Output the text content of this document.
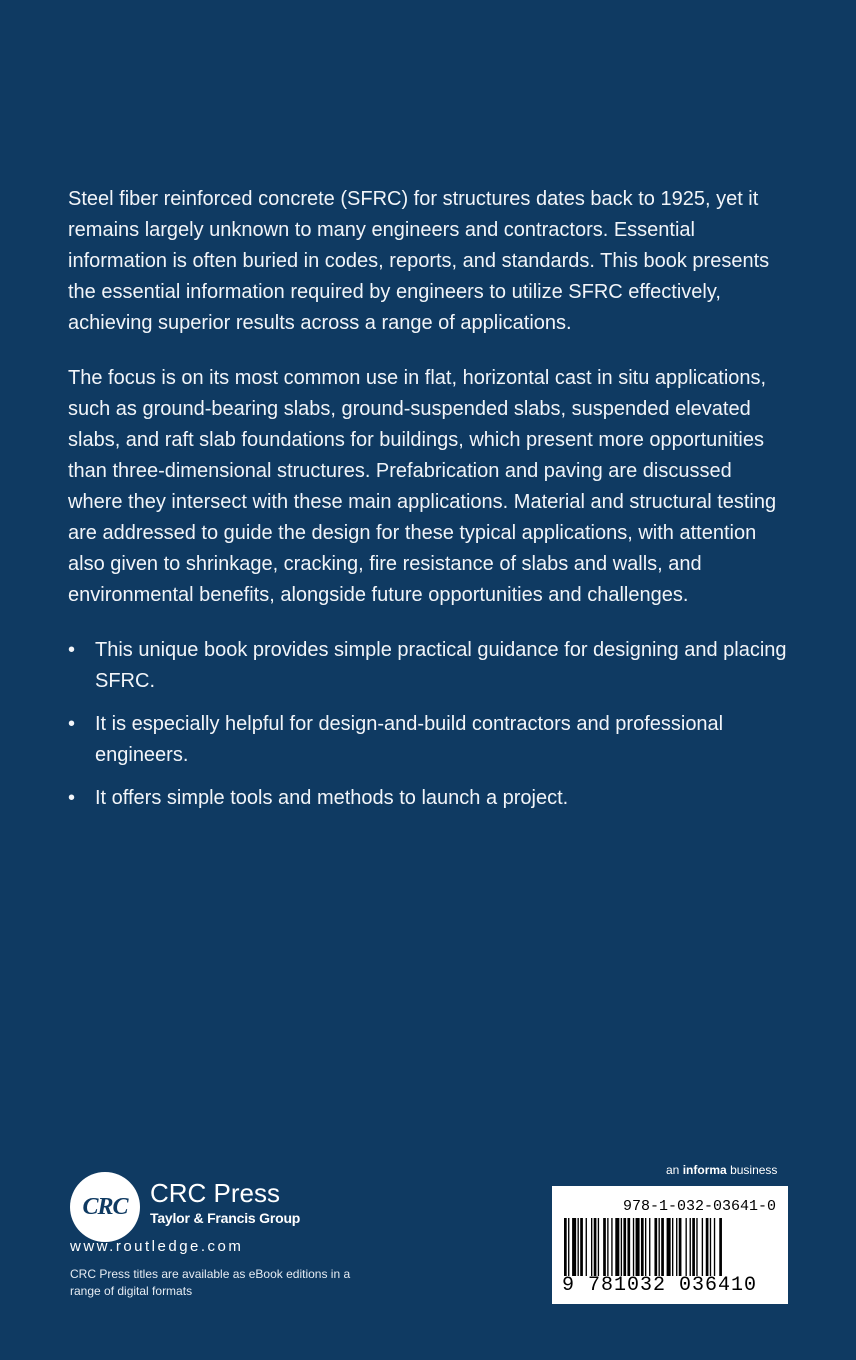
Steel fiber reinforced concrete (SFRC) for structures dates back to 1925, yet it remains largely unknown to many engineers and contractors. Essential information is often buried in codes, reports, and standards. This book presents the essential information required by engineers to utilize SFRC effectively, achieving superior results across a range of applications.

The focus is on its most common use in flat, horizontal cast in situ applications, such as ground-bearing slabs, ground-suspended slabs, suspended elevated slabs, and raft slab foundations for buildings, which present more opportunities than three-dimensional structures. Prefabrication and paving are discussed where they intersect with these main applications. Material and structural testing are addressed to guide the design for these typical applications, with attention also given to shrinkage, cracking, fire resistance of slabs and walls, and environmental benefits, alongside future opportunities and challenges.

• This unique book provides simple practical guidance for designing and placing SFRC.
• It is especially helpful for design-and-build contractors and professional engineers.
• It offers simple tools and methods to launch a project.
CRC CRC Press
Taylor & Francis Group
www.routledge.com
CRC Press titles are available as eBook editions in a range of digital formats
an informa business
978-1-032-03641-0
9 781032 036410
